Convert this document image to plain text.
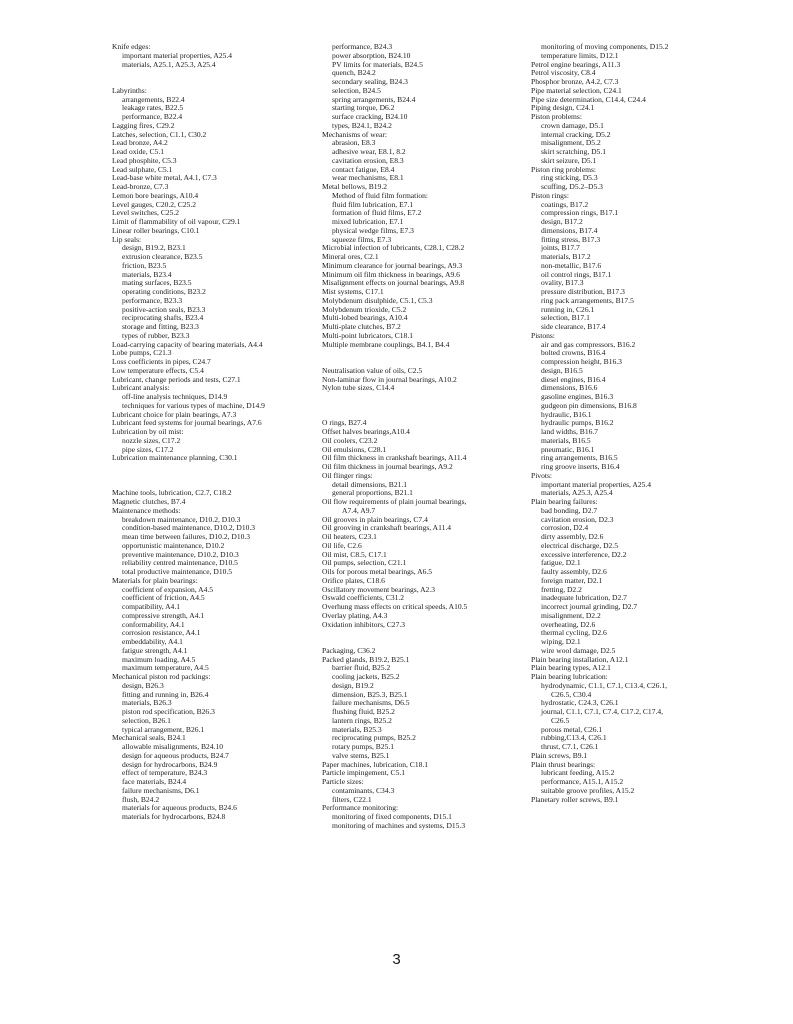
Knife edges:
important material properties, A25.4
materials, A25.1, A25.3, A25.4
Labyrinths:
arrangements, B22.4
leakage rates, B22.5
performance, B22.4
Lagging fires, C29.2
Latches, selection, C1.1, C30.2
Lead bronze, A4.2
Lead oxide, C5.1
Lead phosphite, C5.3
Lead sulphate, C5.1
Lead-base white metal, A4.1, C7.3
Lead-bronze, C7.3
Lemon bore bearings, A10.4
Level gauges, C20.2, C25.2
Level switches, C25.2
Limit of flammability of oil vapour, C29.1
Linear roller bearings, C10.1
Lip seals:
design, B19.2, B23.1
extrusion clearance, B23.5
friction, B23.5
materials, B23.4
mating surfaces, B23.5
operating conditions, B23.2
performance, B23.3
positive-action seals, B23.3
reciprocating shafts, B23.4
storage and fitting, B23.3
types of rubber, B23.3
Load-carrying capacity of bearing materials, A4.4
Lobe pumps, C21.3
Loss coefficients in pipes, C24.7
Low temperature effects, C5.4
Lubricant, change periods and tests, C27.1
Lubricant analysis:
off-line analysis techniques, D14.9
techniques for various types of machine, D14.9
Lubricant choice for plain bearings, A7.3
Lubricant feed systems for journal bearings, A7.6
Lubrication by oil mist:
nozzle sizes, C17.2
pipe sizes, C17.2
Lubrication maintenance planning, C30.1
Machine tools, lubrication, C2.7, C18.2
Magnetic clutches, B7.4
Maintenance methods:
breakdown maintenance, D10.2, D10.3
condition-based maintenance, D10.2, D10.3
mean time between failures, D10.2, D10.3
opportunistic maintenance, D10.2
preventive maintenance, D10.2, D10.3
reliability centred maintenance, D10.5
total productive maintenance, D10.5
Materials for plain bearings:
coefficient of expansion, A4.5
coefficient of friction, A4.5
compatibility, A4.1
compressive strength, A4.1
conformability, A4.1
corrosion resistance, A4.1
embeddability, A4.1
fatigue strength, A4.1
maximum loading, A4.5
maximum temperature, A4.5
Mechanical piston rod packings:
design, B26.3
fitting and running in, B26.4
materials, B26.3
piston rod specification, B26.3
selection, B26.1
typical arrangement, B26.1
Mechanical seals, B24.1
allowable misalignments, B24.10
design for aqueous products, B24.7
design for hydrocarbons, B24.9
effect of temperature, B24.3
face materials, B24.4
failure mechanisms, D6.1
flush, B24.2
materials for aqueous products, B24.6
materials for hydrocarbons, B24.8
performance, B24.3
power absorption, B24.10
PV limits for materials, B24.5
quench, B24.2
secondary sealing, B24.3
selection, B24.5
spring arrangements, B24.4
starting torque, D6.2
surface cracking, B24.10
types, B24.1, B24.2
Mechanisms of wear:
abrasion, E8.3
adhesive wear, E8.1, 8.2
cavitation erosion, E8.3
contact fatigue, E8.4
wear mechanisms, E8.1
Metal bellows, B19.2
Method of fluid film formation:
fluid film lubrication, E7.1
formation of fluid films, E7.2
mixed lubrication, E7.1
physical wedge films, E7.3
squeeze films, E7.3
Microbial infection of lubricants, C28.1, C28.2
Mineral ores, C2.1
Minimum clearance for journal bearings, A9.3
Minimum oil film thickness in bearings, A9.6
Misalignment effects on journal bearings, A9.8
Mist systems, C17.1
Molybdenum disulphide, C5.1, C5.3
Molybdenum trioxide, C5.2
Multi-lobed bearings, A10.4
Multi-plate clutches, B7.2
Multi-point lubricators, C18.1
Multiple membrane couplings, B4.1, B4.4
Neutralisation value of oils, C2.5
Non-laminar flow in journal bearings, A10.2
Nylon tube sizes, C14.4
O rings, B27.4
Offset halves bearings,A10.4
Oil coolers, C23.2
Oil emulsions, C28.1
Oil film thickness in crankshaft bearings, A11.4
Oil film thickness in journal bearings, A9.2
Oil flinger rings:
detail dimensions, B21.1
general proportions, B21.1
Oil flow requirements of plain journal bearings,
A7.4, A9.7
Oil grooves in plain bearings, C7.4
Oil grooving in crankshaft bearings, A11.4
Oil heaters, C23.1
Oil life, C2.6
Oil mist, C8.5, C17.1
Oil pumps, selection, C21.1
Oils for porous metal bearings, A6.5
Orifice plates, C18.6
Oscillatory movement bearings, A2.3
Oswald coefficients, C31.2
Overhung mass effects on critical speeds, A10.5
Overlay plating, A4.3
Oxidation inhibitors, C27.3
Packaging, C36.2
Packed glands, B19.2, B25.1
barrier fluid, B25.2
cooling jackets, B25.2
design, B19.2
dimension, B25.3, B25.1
failure mechanisms, D6.5
flushing fluid, B25.2
lantern rings, B25.2
materials, B25.3
reciprocating pumps, B25.2
rotary pumps, B25.1
valve stems, B25.1
Paper machines, lubrication, C18.1
Particle impingement, C5.1
Particle sizes:
contaminants, C34.3
filters, C22.1
Performance monitoring:
monitoring of fixed components, D15.1
monitoring of machines and systems, D15.3
monitoring of moving components, D15.2
temperature limits, D12.1
Petrol engine bearings, A11.3
Petrol viscosity, C8.4
Phosphor bronze, A4.2, C7.3
Pipe material selection, C24.1
Pipe size determination, C14.4, C24.4
Piping design, C24.1
Piston problems:
crown damage, D5.1
internal cracking, D5.2
misalignment, D5.2
skirt scratching, D5.1
skirt seizure, D5.1
Piston ring problems:
ring sticking, D5.3
scuffing, D5.2–D5.3
Piston rings:
coatings, B17.2
compression rings, B17.1
design, B17.2
dimensions, B17.4
fitting stress, B17.3
joints, B17.7
materials, B17.2
non-metallic, B17.6
oil control rings, B17.1
ovality, B17.3
pressure distribution, B17.3
ring pack arrangements, B17.5
running in, C26.1
selection, B17.1
side clearance, B17.4
Pistons:
air and gas compressors, B16.2
bolted crowns, B16.4
compression height, B16.3
design, B16.5
diesel engines, B16.4
dimensions, B16.6
gasoline engines, B16.3
gudgeon pin dimensions, B16.8
hydraulic, B16.1
hydraulic pumps, B16.2
land widths, B16.7
materials, B16.5
pneumatic, B16.1
ring arrangements, B16.5
ring groove inserts, B16.4
Pivots:
important material properties, A25.4
materials, A25.3, A25.4
Plain bearing failures:
bad bonding, D2.7
cavitation erosion, D2.3
corrosion, D2.4
dirty assembly, D2.6
electrical discharge, D2.5
excessive interference, D2.2
fatigue, D2.1
faulty assembly, D2.6
foreign matter, D2.1
fretting, D2.2
inadequate lubrication, D2.7
incorrect journal grinding, D2.7
misalignment, D2.2
overheating, D2.6
thermal cycling, D2.6
wiping, D2.1
wire wool damage, D2.5
Plain bearing installation, A12.1
Plain bearing types, A12.1
Plain bearing lubrication:
hydrodynamic, C1.1, C7.1, C13.4, C26.1,
C26.5, C30.4
hydrostatic, C24.3, C26.1
journal, C1.1, C7.1, C7.4, C17.2, C17.4,
C26.5
porous metal, C26.1
rubbing,C13.4, C26.1
thrust, C7.1, C26.1
Plain screws, B9.1
Plain thrust bearings:
lubricant feeding, A15.2
performance, A15.1, A15.2
suitable groove profiles, A15.2
Planetary roller screws, B9.1
3
